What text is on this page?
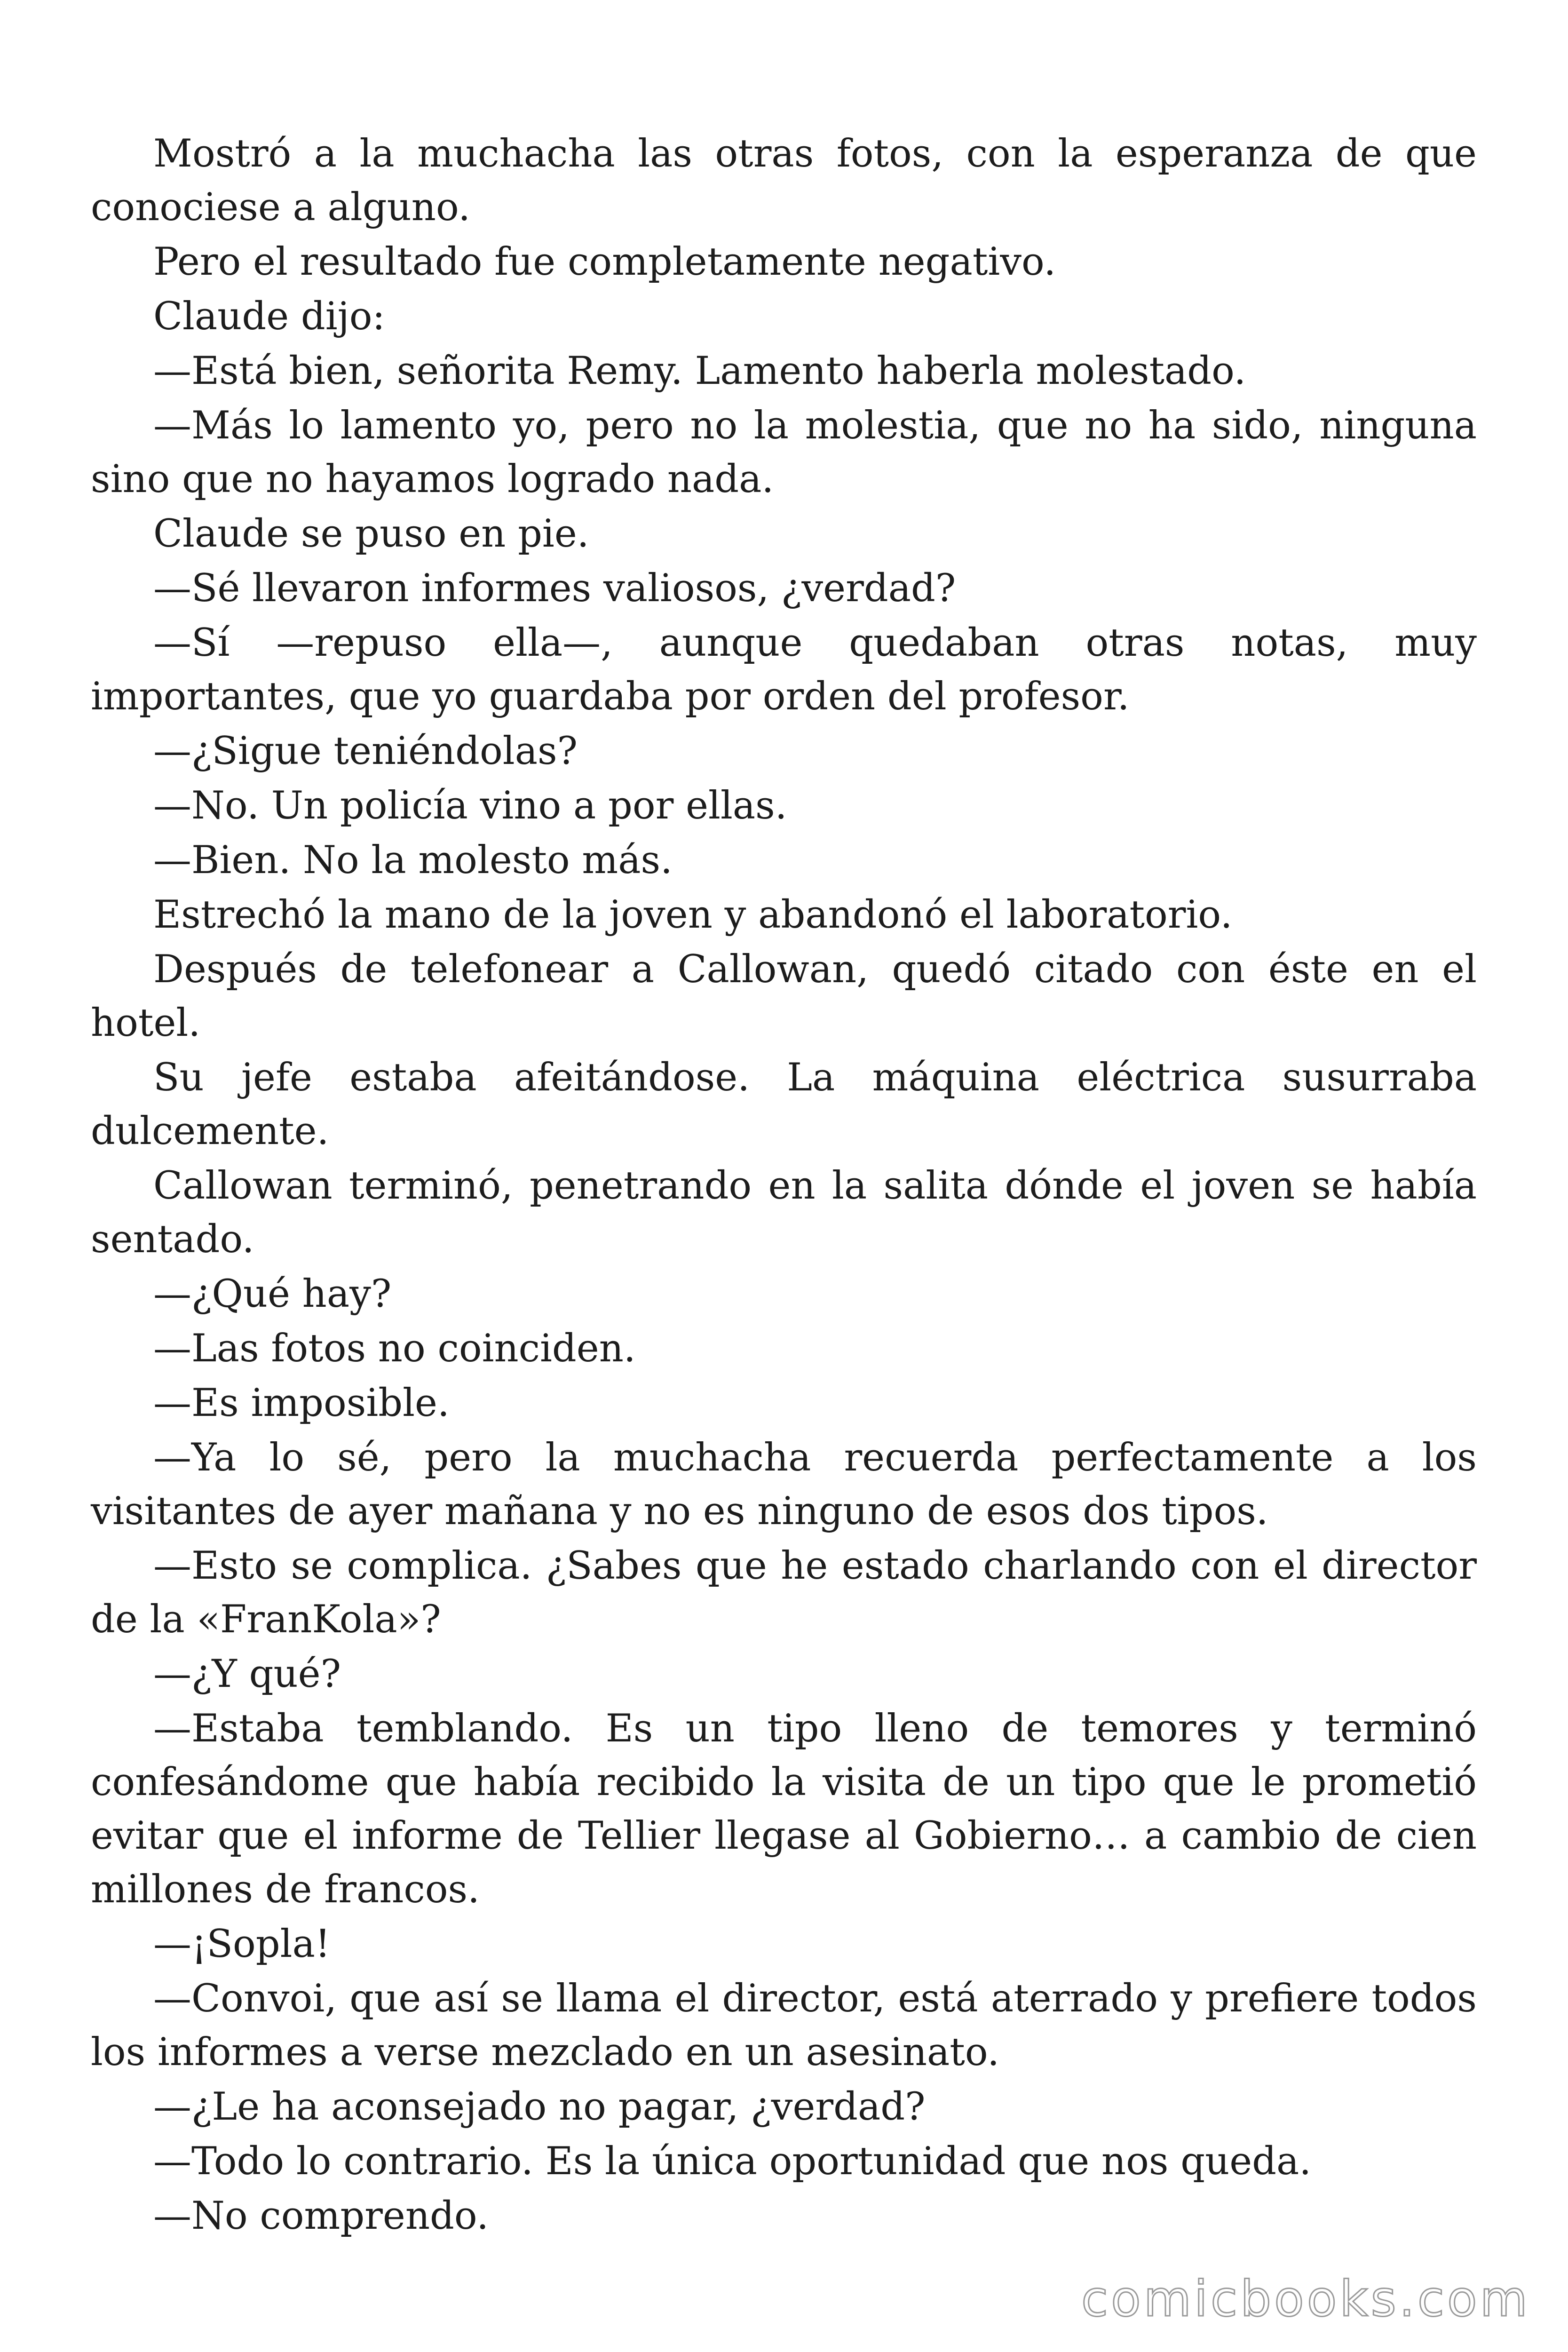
Mostró a la muchacha las otras fotos, con la esperanza de que conociese a alguno.

Pero el resultado fue completamente negativo.

Claude dijo:

—Está bien, señorita Remy. Lamento haberla molestado.

—Más lo lamento yo, pero no la molestia, que no ha sido, ninguna sino que no hayamos logrado nada.

Claude se puso en pie.

—Sé llevaron informes valiosos, ¿verdad?

—Sí —repuso ella—, aunque quedaban otras notas, muy importantes, que yo guardaba por orden del profesor.

—¿Sigue teniéndolas?

—No. Un policía vino a por ellas.

—Bien. No la molesto más.

Estrechó la mano de la joven y abandonó el laboratorio.

Después de telefonear a Callowan, quedó citado con éste en el hotel.

Su jefe estaba afeitándose. La máquina eléctrica susurraba dulcemente.

Callowan terminó, penetrando en la salita dónde el joven se había sentado.

—¿Qué hay?

—Las fotos no coinciden.

—Es imposible.

—Ya lo sé, pero la muchacha recuerda perfectamente a los visitantes de ayer mañana y no es ninguno de esos dos tipos.

—Esto se complica. ¿Sabes que he estado charlando con el director de la «FranKola»?

—¿Y qué?

—Estaba temblando. Es un tipo lleno de temores y terminó confesándome que había recibido la visita de un tipo que le prometió evitar que el informe de Tellier llegase al Gobierno… a cambio de cien millones de francos.

—¡Sopla!

—Convoi, que así se llama el director, está aterrado y prefiere todos los informes a verse mezclado en un asesinato.

—¿Le ha aconsejado no pagar, ¿verdad?

—Todo lo contrario. Es la única oportunidad que nos queda.

—No comprendo.

comicbooks.com
